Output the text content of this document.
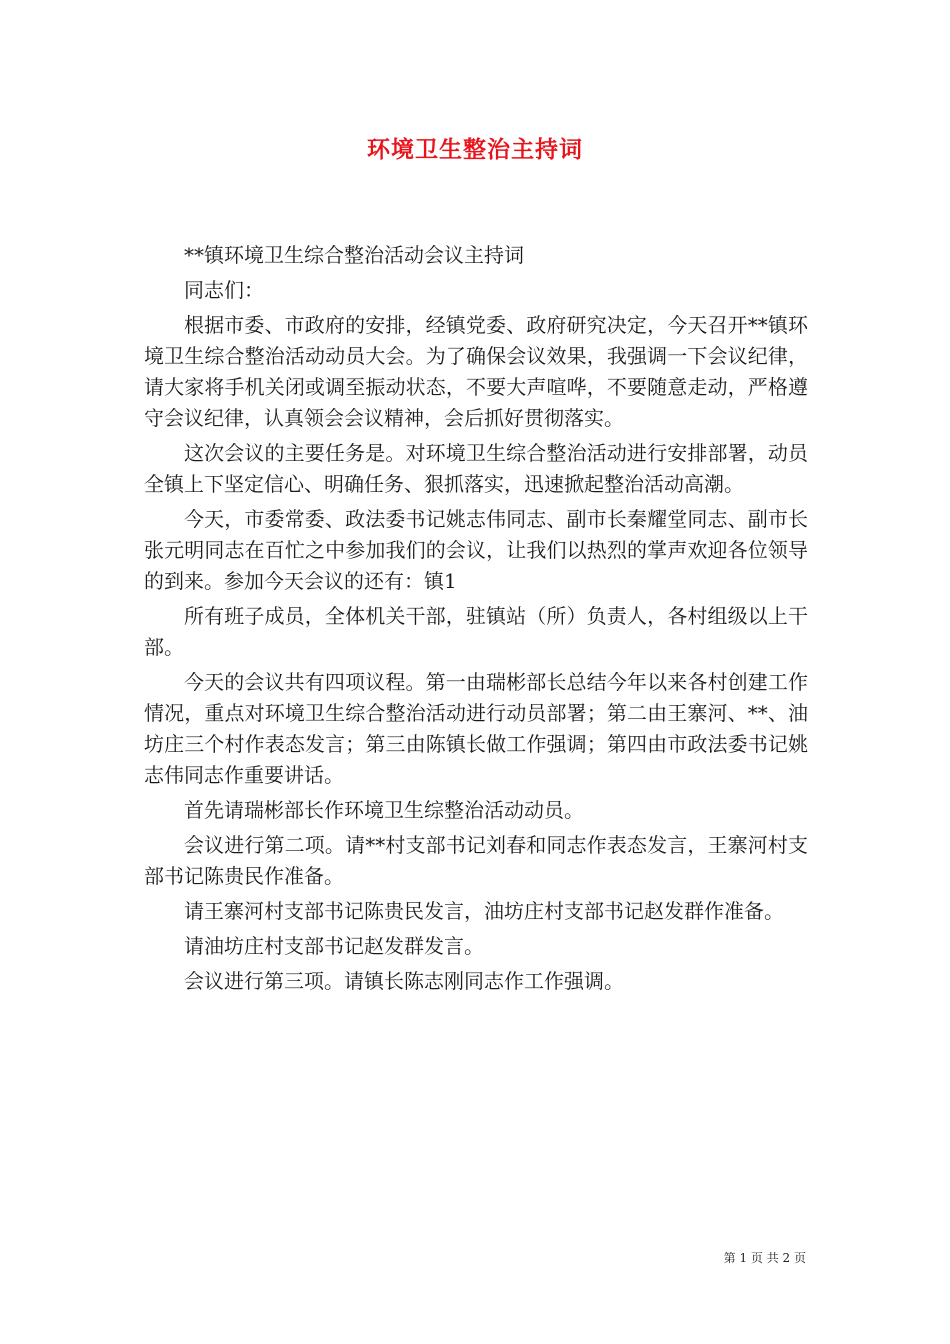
环境卫生整治主持词

**镇环境卫生综合整治活动会议主持词

同志们：

根据市委、市政府的安排，经镇党委、政府研究决定，今天召开**镇环境卫生综合整治活动动员大会。为了确保会议效果，我强调一下会议纪律，请大家将手机关闭或调至振动状态，不要大声喧哗，不要随意走动，严格遵守会议纪律，认真领会会议精神，会后抓好贯彻落实。

这次会议的主要任务是。对环境卫生综合整治活动进行安排部署，动员全镇上下坚定信心、明确任务、狠抓落实，迅速掀起整治活动高潮。

今天，市委常委、政法委书记姚志伟同志、副市长秦耀堂同志、副市长张元明同志在百忙之中参加我们的会议，让我们以热烈的掌声欢迎各位领导的到来。参加今天会议的还有：镇1

所有班子成员，全体机关干部，驻镇站（所）负责人，各村组级以上干部。

今天的会议共有四项议程。第一由瑞彬部长总结今年以来各村创建工作情况，重点对环境卫生综合整治活动进行动员部署；第二由王寨河、**、油坊庄三个村作表态发言；第三由陈镇长做工作强调；第四由市政法委书记姚志伟同志作重要讲话。

首先请瑞彬部长作环境卫生综整治活动动员。

会议进行第二项。请**村支部书记刘春和同志作表态发言，王寨河村支部书记陈贵民作准备。

请王寨河村支部书记陈贵民发言，油坊庄村支部书记赵发群作准备。

请油坊庄村支部书记赵发群发言。

会议进行第三项。请镇长陈志刚同志作工作强调。

第 1 页 共 2 页
